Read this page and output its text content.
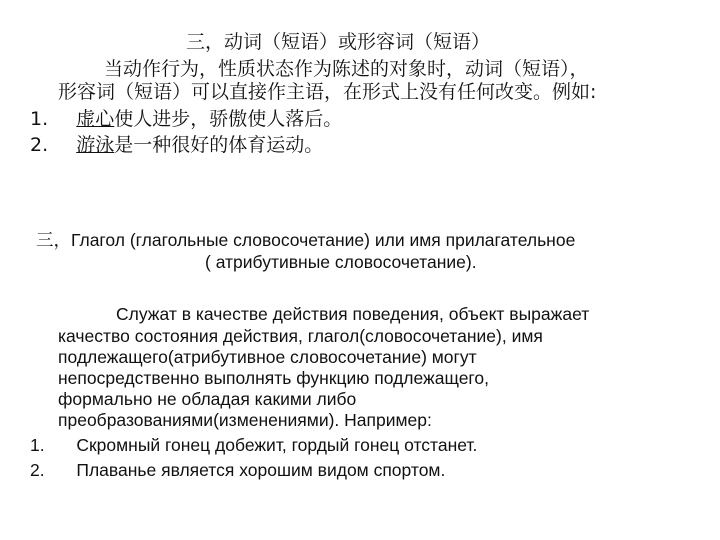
三，动词（短语）或形容词（短语）
当动作行为，性质状态作为陈述的对象时，动词（短语），
形容词（短语）可以直接作主语，在形式上没有任何改变。例如:
1. 虚心使人进步，骄傲使人落后。
2. 游泳是一种很好的体育运动。
三，Глагол (глагольные словосочетание) или имя прилагательное
( атрибутивные словосочетание).
Служат в качестве действия поведения, объект выражает
качество состояния действия, глагол(словосочетание), имя
подлежащего(атрибутивное словосочетание) могут
непосредственно выполнять функцию подлежащего,
формально не обладая какими либо
преобразованиями(изменениями). Например:
1. Скромный гонец добежит, гордый гонец отстанет.
2. Плаванье является хорошим видом спортом.
